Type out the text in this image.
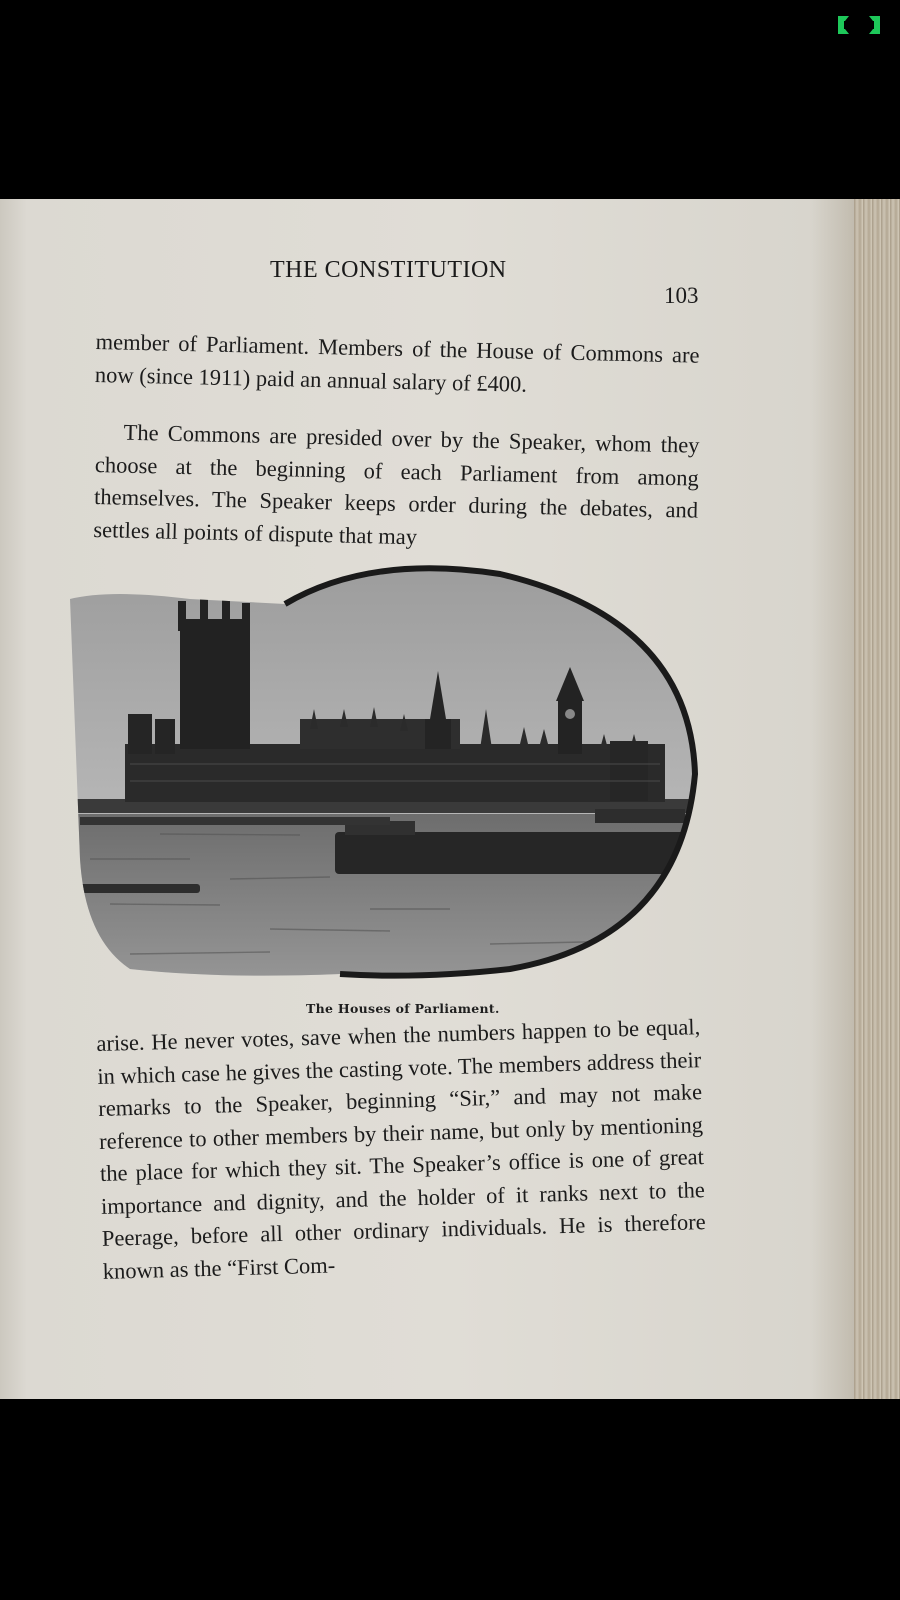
THE CONSTITUTION
103

member of Parliament. Members of the House of Commons are now (since 1911) paid an annual salary of £400.

The Commons are presided over by the Speaker, whom they choose at the beginning of each Parliament from among themselves. The Speaker keeps order during the debates, and settles all points of dispute that may

The Houses of Parliament.

arise. He never votes, save when the numbers happen to be equal, in which case he gives the casting vote. The members address their remarks to the Speaker, beginning “Sir,” and may not make reference to other members by their name, but only by mentioning the place for which they sit. The Speaker’s office is one of great importance and dignity, and the holder of it ranks next to the Peerage, before all other ordinary individuals. He is therefore known as the “First Com-
